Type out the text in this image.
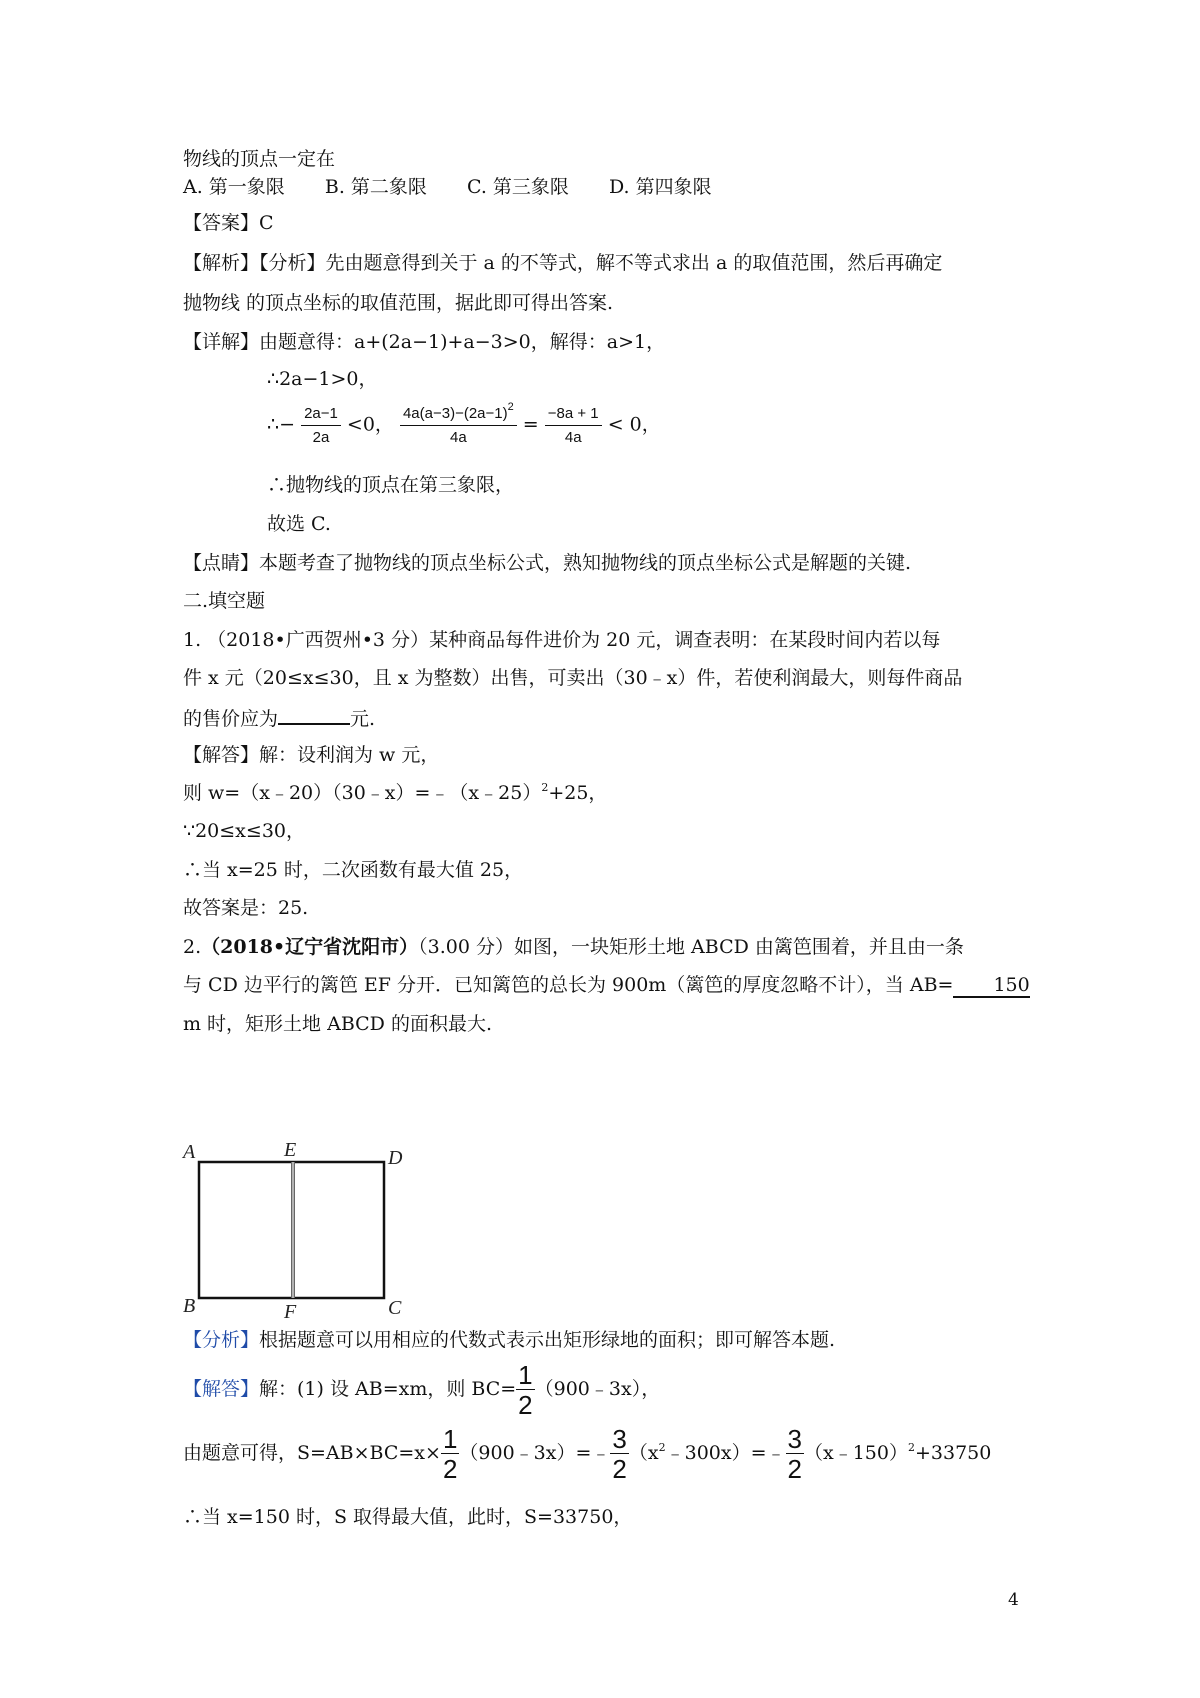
物线的顶点一定在
A. 第一象限 B. 第二象限 C. 第三象限 D. 第四象限
【答案】C
【解析】【分析】先由题意得到关于 a 的不等式，解不等式求出 a 的取值范围，然后再确定
抛物线 的顶点坐标的取值范围，据此即可得出答案.
【详解】由题意得：a+(2a−1)+a−3>0，解得：a>1，
∴2a−1>0，
∴− $\frac{2a-1}{2a} <0$， $\frac{4a(a-3)-(2a-1)^2}{4a} = \frac{-8a + 1}{4a} < 0$，
∴抛物线的顶点在第三象限，
故选 C.
【点睛】本题考查了抛物线的顶点坐标公式，熟知抛物线的顶点坐标公式是解题的关键.
二.填空题
1. （2018•广西贺州•3 分）某种商品每件进价为 20 元，调查表明：在某段时间内若以每
件 x 元（20≤x≤30，且 x 为整数）出售，可卖出（30﹣x）件，若使利润最大，则每件商品
的售价应为	元.
【解答】解：设利润为 w 元，
则 w=（x﹣20）（30﹣x）=﹣（x﹣25）$^2$+25，
∵20≤x≤30，
∴当 x=25 时，二次函数有最大值 25，
故答案是：25.
2.（2018•辽宁省沈阳市）（3.00 分）如图，一块矩形土地 ABCD 由篱笆围着，并且由一条
与 CD 边平行的篱笆 EF 分开．已知篱笆的总长为 900m（篱笆的厚度忽略不计），当 AB= 150
m 时，矩形土地 ABCD 的面积最大.
A	E	D
B	F	C
【分析】根据题意可以用相应的代数式表示出矩形绿地的面积；即可解答本题.
【解答】解：(1) 设 AB=xm，则 $BC= \frac{1}{2}$ （900﹣3x），
由题意可得，$S=AB\times BC=x\times \frac{1}{2}$ （900﹣3x）=﹣ $\frac{3}{2}$ $(x^2﹣300x)=﹣ \frac{3}{2}$ （x﹣150）$^2$+33750
∴当 x=150 时，S 取得最大值，此时，S=33750，
4
